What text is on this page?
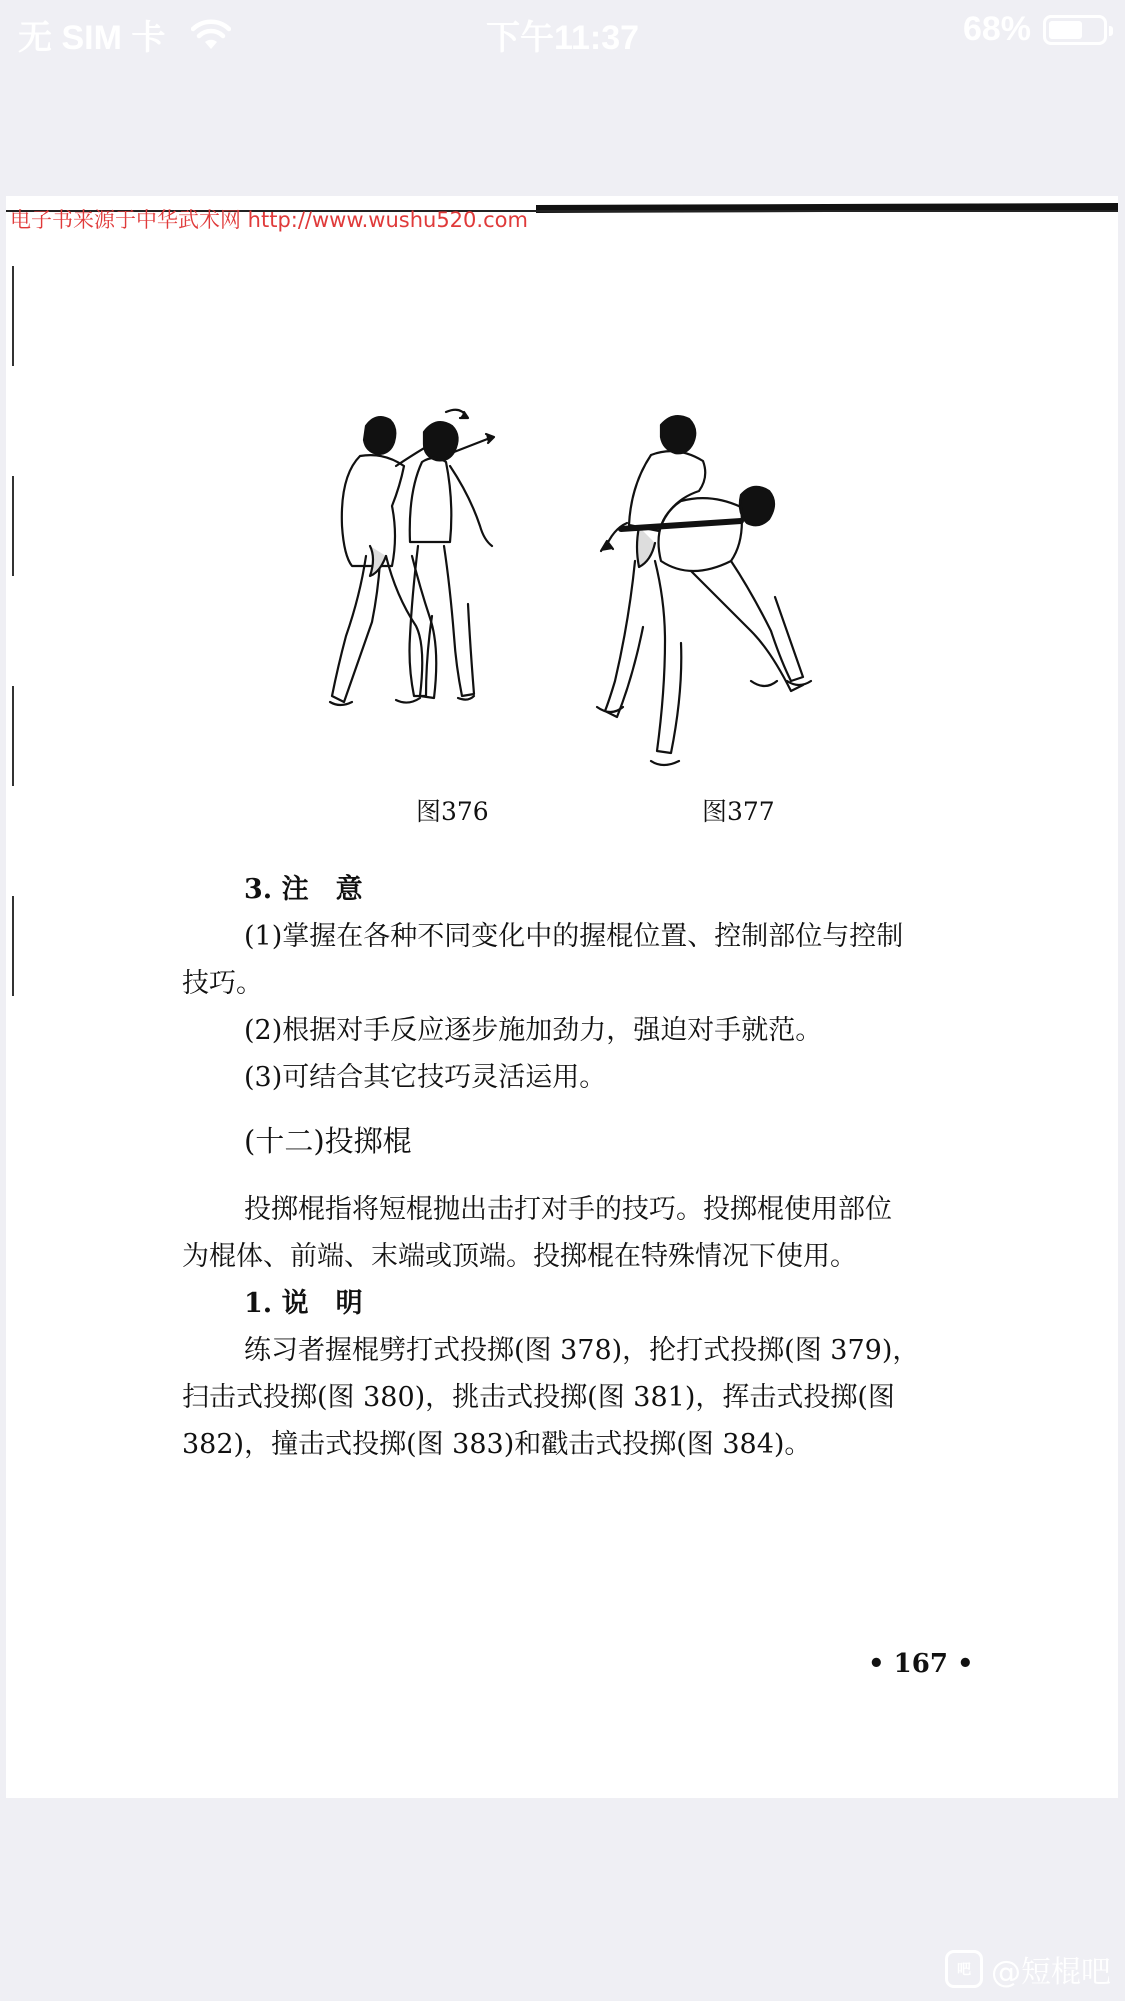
无 SIM 卡	下午11:37	68%
电子书来源于中华武术网 http://www.wushu520.com
图376	图377
3. 注　意
(1)掌握在各种不同变化中的握棍位置、控制部位与控制
技巧。
(2)根据对手反应逐步施加劲力，强迫对手就范。
(3)可结合其它技巧灵活运用。
(十二)投掷棍
投掷棍指将短棍抛出击打对手的技巧。投掷棍使用部位
为棍体、前端、末端或顶端。投掷棍在特殊情况下使用。
1. 说　明
练习者握棍劈打式投掷(图 378)，抡打式投掷(图 379)，
扫击式投掷(图 380)，挑击式投掷(图 381)，挥击式投掷(图
382)，撞击式投掷(图 383)和戳击式投掷(图 384)。
• 167 •
吧 @短棍吧
